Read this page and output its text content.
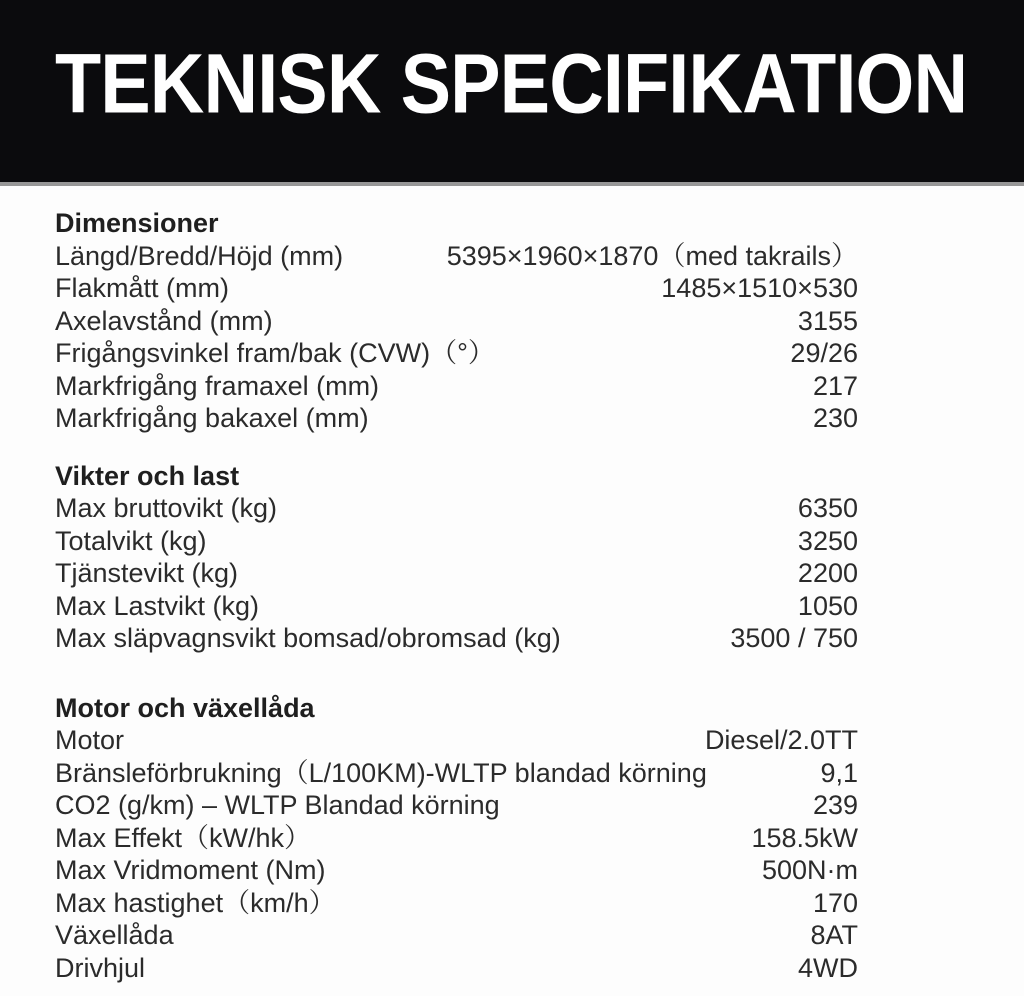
TEKNISK SPECIFIKATION
Dimensioner
Längd/Bredd/Höjd (mm)	5395×1960×1870（med takrails）
Flakmått (mm)	1485×1510×530
Axelavstånd (mm)	3155
Frigångsvinkel fram/bak (CVW)（°）	29/26
Markfrigång framaxel (mm)	217
Markfrigång bakaxel (mm)	230
Vikter och last
Max bruttovikt (kg)	6350
Totalvikt (kg)	3250
Tjänstevikt (kg)	2200
Max Lastvikt (kg)	1050
Max släpvagnsvikt bomsad/obromsad (kg)	3500 / 750
Motor och växellåda
Motor	Diesel/2.0TT
Bränsleförbrukning（L/100KM)-WLTP blandad körning	9,1
CO2 (g/km) – WLTP Blandad körning	239
Max Effekt（kW/hk）	158.5kW
Max Vridmoment (Nm)	500N·m
Max hastighet（km/h）	170
Växellåda	8AT
Drivhjul	4WD
